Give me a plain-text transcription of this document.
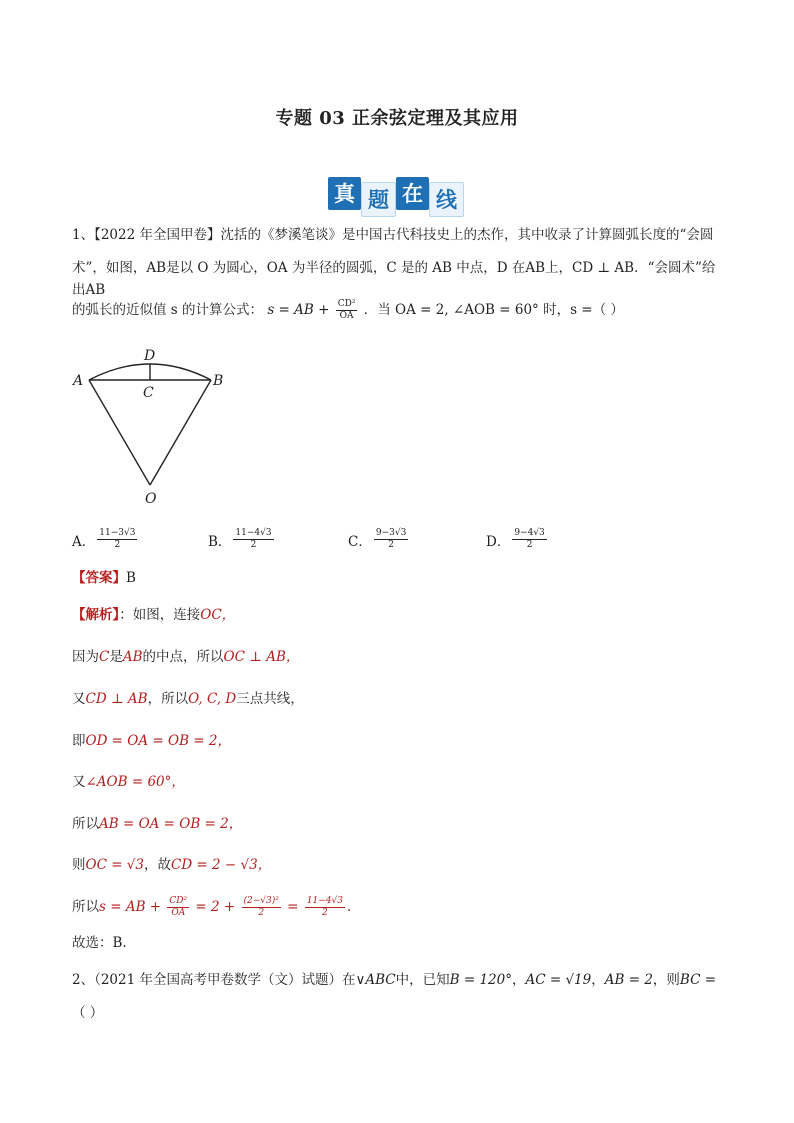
专题 03 正余弦定理及其应用
真 题 在 线
1、【2022 年全国甲卷】沈括的《梦溪笔谈》是中国古代科技史上的杰作，其中收录了计算圆弧长度的“会圆
术”，如图，AB是以 O 为圆心，OA 为半径的圆弧，C 是的 AB 中点，D 在AB上，CD ⊥ AB．“会圆术”给出AB
的弧长的近似值 s 的计算公式： s = AB + $\frac{\text{CD²}}{OA}$ ．当 OA = 2, ∠AOB = 60° 时，s =（ ）
D
A
C
B
O
A． $\frac{11-3√3}{2}$	B． $\frac{11-4√3}{2}$	C． $\frac{9-3√3}{2}$	D． $\frac{9-4√3}{2}$
【答案】B
【解析】：如图，连接OC，
因为C是AB的中点，所以OC ⊥ AB，
又CD ⊥ AB，所以O, C, D三点共线，
即OD = OA = OB = 2，
又∠AOB = 60°，
所以AB = OA = OB = 2，
则OC = √3，故CD = 2 − √3，
所以s = AB + $\frac{\text{CD²}}{OA} = 2 + \frac{\text{(2−√3)²}}{2} = \frac{11-4√3}{2}$ .
故选：B.
2、（2021 年全国高考甲卷数学（文）试题）在∨ABC中，已知B = 120°，AC = √19，AB = 2，则BC =
（ ）
